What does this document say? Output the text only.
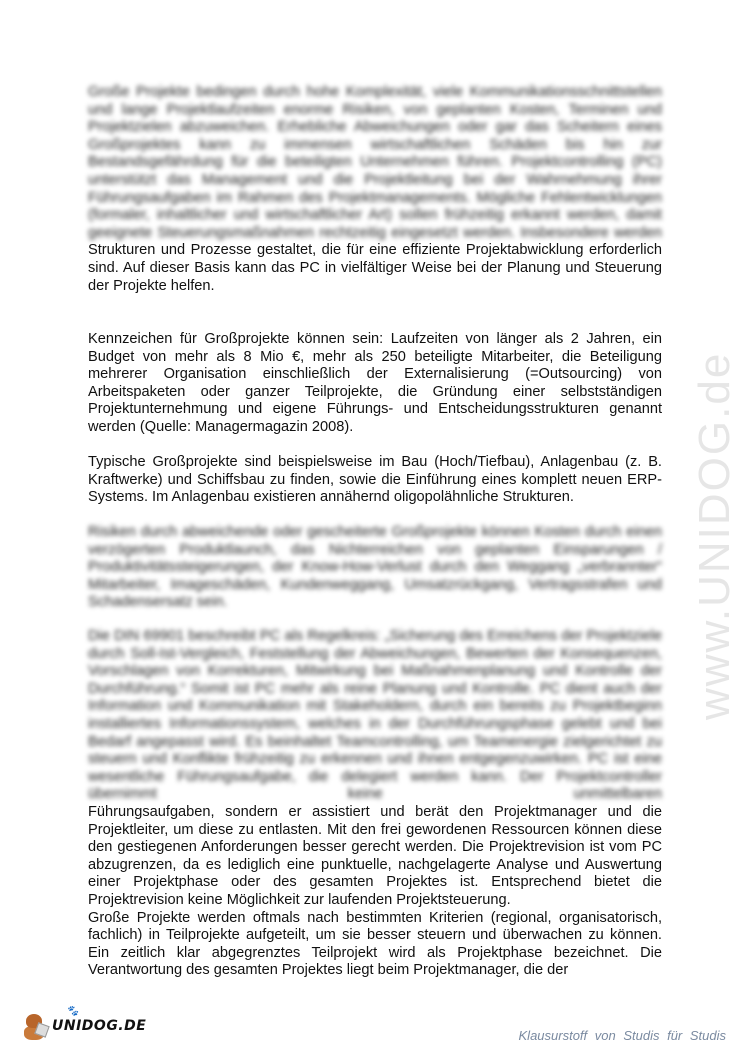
www.UNIDOG.de
Große Projekte bedingen durch hohe Komplexität, viele Kommunikationsschnittstellen und lange Projektlaufzeiten enorme Risiken, von geplanten Kosten, Terminen und Projektzielen abzuweichen. Erhebliche Abweichungen oder gar das Scheitern eines Großprojektes kann zu immensen wirtschaftlichen Schäden bis hin zur Bestandsgefährdung für die beteiligten Unternehmen führen. Projektcontrolling (PC) unterstützt das Management und die Projektleitung bei der Wahrnehmung ihrer Führungsaufgaben im Rahmen des Projektmanagements. Mögliche Fehlentwicklungen (formaler, inhaltlicher und wirtschaftlicher Art) sollen frühzeitig erkannt werden, damit geeignete Steuerungsmaßnahmen rechtzeitig eingesetzt werden. Insbesondere werden
Strukturen und Prozesse gestaltet, die für eine effiziente Projektabwicklung erforderlich sind. Auf dieser Basis kann das PC in vielfältiger Weise bei der Planung und Steuerung der Projekte helfen.
Kennzeichen für Großprojekte können sein: Laufzeiten von länger als 2 Jahren, ein Budget von mehr als 8 Mio €, mehr als 250 beteiligte Mitarbeiter, die Beteiligung mehrerer Organisation einschließlich der Externalisierung (=Outsourcing) von Arbeitspaketen oder ganzer Teilprojekte, die Gründung einer selbstständigen Projektunternehmung und eigene Führungs- und Entscheidungsstrukturen genannt werden (Quelle: Managermagazin 2008).
Typische Großprojekte sind beispielsweise im Bau (Hoch/Tiefbau), Anlagenbau (z. B. Kraftwerke) und Schiffsbau zu finden, sowie die Einführung eines komplett neuen ERP-Systems. Im Anlagenbau existieren annähernd oligopolähnliche Strukturen.
Risiken durch abweichende oder gescheiterte Großprojekte können Kosten durch einen verzögerten Produktlaunch, das Nichterreichen von geplanten Einsparungen / Produktivitätssteigerungen, der Know-How-Verlust durch den Weggang „verbrannter“ Mitarbeiter, Imageschäden, Kundenweggang, Umsatzrückgang, Vertragsstrafen und Schadensersatz sein.
Die DIN 69901 beschreibt PC als Regelkreis: „Sicherung des Erreichens der Projektziele durch Soll-Ist-Vergleich, Feststellung der Abweichungen, Bewerten der Konsequenzen, Vorschlagen von Korrekturen, Mitwirkung bei Maßnahmenplanung und Kontrolle der Durchführung.“ Somit ist PC mehr als reine Planung und Kontrolle. PC dient auch der Information und Kommunikation mit Stakeholdern, durch ein bereits zu Projektbeginn installiertes Informationssystem, welches in der Durchführungsphase gelebt und bei Bedarf angepasst wird. Es beinhaltet Teamcontrolling, um Teamenergie zielgerichtet zu steuern und Konflikte frühzeitig zu erkennen und ihnen entgegenzuwirken. PC ist eine wesentliche Führungsaufgabe, die delegiert werden kann. Der Projektcontroller übernimmt keine unmittelbaren
Führungsaufgaben, sondern er assistiert und berät den Projektmanager und die Projektleiter, um diese zu entlasten. Mit den frei gewordenen Ressourcen können diese den gestiegenen Anforderungen besser gerecht werden. Die Projektrevision ist vom PC abzugrenzen, da es lediglich eine punktuelle, nachgelagerte Analyse und Auswertung einer Projektphase oder des gesamten Projektes ist. Entsprechend bietet die Projektrevision keine Möglichkeit zur laufenden Projektsteuerung.
Große Projekte werden oftmals nach bestimmten Kriterien (regional, organisatorisch, fachlich) in Teilprojekte aufgeteilt, um sie besser steuern und überwachen zu können. Ein zeitlich klar abgegrenztes Teilprojekt wird als Projektphase bezeichnet. Die Verantwortung des gesamten Projektes liegt beim Projektmanager, die der
🐾
UNIDOG.DE
Klausurstoff von Studis für Studis
